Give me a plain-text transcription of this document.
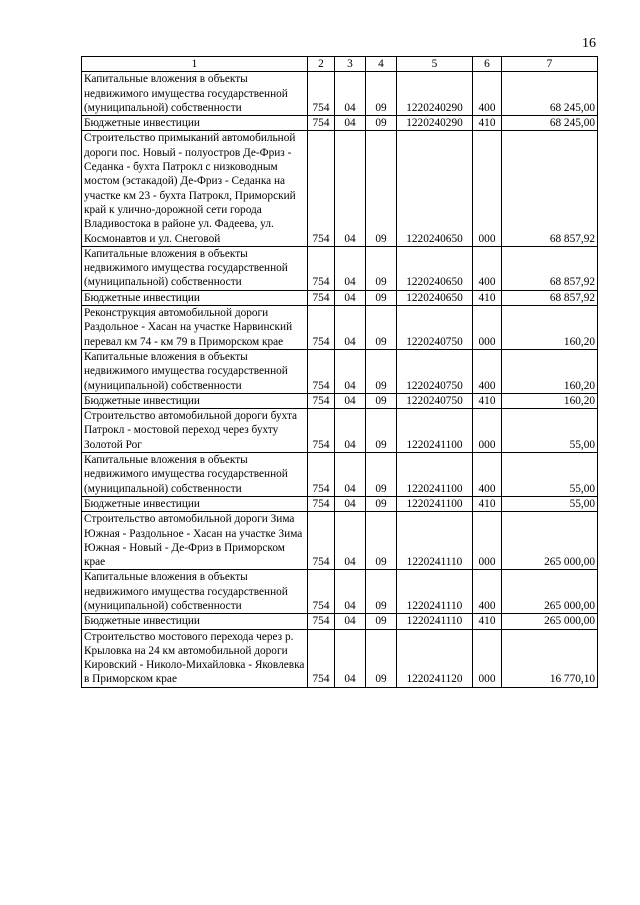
16
1	2	3	4	5	6	7
Капитальные вложения в объекты недвижимого имущества государственной (муниципальной) собственности	754	04	09	1220240290	400	68 245,00
Бюджетные инвестиции	754	04	09	1220240290	410	68 245,00
Строительство примыканий автомобильной дороги пос. Новый - полуостров Де-Фриз - Седанка - бухта Патрокл с низководным мостом (эстакадой) Де-Фриз - Седанка на участке км 23 - бухта Патрокл, Приморский край к улично-дорожной сети города Владивостока в районе ул. Фадеева, ул. Космонавтов и ул. Снеговой	754	04	09	1220240650	000	68 857,92
Капитальные вложения в объекты недвижимого имущества государственной (муниципальной) собственности	754	04	09	1220240650	400	68 857,92
Бюджетные инвестиции	754	04	09	1220240650	410	68 857,92
Реконструкция автомобильной дороги Раздольное - Хасан на участке Нарвинский перевал км 74 - км 79 в Приморском крае	754	04	09	1220240750	000	160,20
Капитальные вложения в объекты недвижимого имущества государственной (муниципальной) собственности	754	04	09	1220240750	400	160,20
Бюджетные инвестиции	754	04	09	1220240750	410	160,20
Строительство автомобильной дороги бухта Патрокл - мостовой переход через бухту Золотой Рог	754	04	09	1220241100	000	55,00
Капитальные вложения в объекты недвижимого имущества государственной (муниципальной) собственности	754	04	09	1220241100	400	55,00
Бюджетные инвестиции	754	04	09	1220241100	410	55,00
Строительство автомобильной дороги Зима Южная - Раздольное - Хасан на участке Зима Южная - Новый - Де-Фриз в Приморском крае	754	04	09	1220241110	000	265 000,00
Капитальные вложения в объекты недвижимого имущества государственной (муниципальной) собственности	754	04	09	1220241110	400	265 000,00
Бюджетные инвестиции	754	04	09	1220241110	410	265 000,00
Строительство мостового перехода через р. Крыловка на 24 км автомобильной дороги Кировский - Николо-Михайловка - Яковлевка в Приморском крае	754	04	09	1220241120	000	16 770,10
